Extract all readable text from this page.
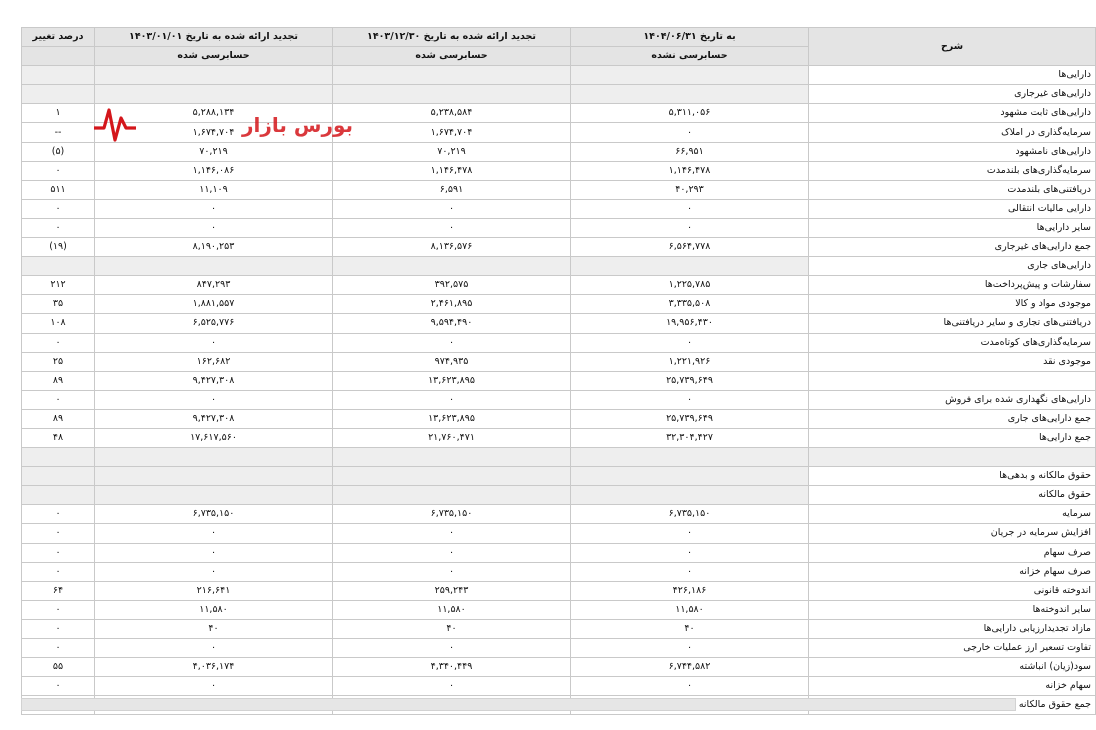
شرح	به تاریخ ۱۴۰۴/۰۶/۳۱	تجدید ارائه شده به تاریخ ۱۴۰۳/۱۲/۳۰	تجدید ارائه شده به تاریخ ۱۴۰۳/۰۱/۰۱	درصد تغییر
	حسابرسی نشده	حسابرسی شده	حسابرسی شده	
دارایی‌ها				
دارایی‌های غیرجاری				
دارایی‌های ثابت مشهود	۵,۳۱۱,۰۵۶	۵,۲۳۸,۵۸۴	۵,۲۸۸,۱۳۴	۱
سرمایه‌گذاری در املاک	۰	۱,۶۷۴,۷۰۴	۱,۶۷۴,۷۰۴	--
دارایی‌های نامشهود	۶۶,۹۵۱	۷۰,۲۱۹	۷۰,۲۱۹	(۵)
سرمایه‌گذاری‌های بلندمدت	۱,۱۴۶,۴۷۸	۱,۱۴۶,۴۷۸	۱,۱۴۶,۰۸۶	۰
دریافتنی‌های بلندمدت	۴۰,۲۹۳	۶,۵۹۱	۱۱,۱۰۹	۵۱۱
دارایی مالیات انتقالی	۰	۰	۰	۰
سایر دارایی‌ها	۰	۰	۰	۰
جمع دارایی‌های غیرجاری	۶,۵۶۴,۷۷۸	۸,۱۳۶,۵۷۶	۸,۱۹۰,۲۵۳	(۱۹)
دارایی‌های جاری				
سفارشات و پیش‌پرداخت‌ها	۱,۲۲۵,۷۸۵	۳۹۲,۵۷۵	۸۴۷,۲۹۳	۲۱۲
موجودی مواد و کالا	۳,۳۳۵,۵۰۸	۲,۴۶۱,۸۹۵	۱,۸۸۱,۵۵۷	۳۵
دریافتنی‌های تجاری و سایر دریافتنی‌ها	۱۹,۹۵۶,۴۳۰	۹,۵۹۴,۴۹۰	۶,۵۲۵,۷۷۶	۱۰۸
سرمایه‌گذاری‌های کوتاه‌مدت	۰	۰	۰	۰
موجودی نقد	۱,۲۲۱,۹۲۶	۹۷۴,۹۳۵	۱۶۲,۶۸۲	۲۵
	۲۵,۷۳۹,۶۴۹	۱۳,۶۲۳,۸۹۵	۹,۴۲۷,۳۰۸	۸۹
دارایی‌های نگهداری شده برای فروش	۰	۰	۰	۰
جمع دارایی‌های جاری	۲۵,۷۳۹,۶۴۹	۱۳,۶۲۳,۸۹۵	۹,۴۲۷,۳۰۸	۸۹
جمع دارایی‌ها	۳۲,۳۰۴,۴۲۷	۲۱,۷۶۰,۴۷۱	۱۷,۶۱۷,۵۶۰	۴۸

حقوق مالکانه و بدهی‌ها				
حقوق مالکانه				
سرمایه	۶,۷۳۵,۱۵۰	۶,۷۳۵,۱۵۰	۶,۷۳۵,۱۵۰	۰
افزایش سرمایه در جریان	۰	۰	۰	۰
صرف سهام	۰	۰	۰	۰
صرف سهام خزانه	۰	۰	۰	۰
اندوخته قانونی	۴۲۶,۱۸۶	۲۵۹,۲۴۳	۲۱۶,۶۴۱	۶۴
سایر اندوخته‌ها	۱۱,۵۸۰	۱۱,۵۸۰	۱۱,۵۸۰	۰
مازاد تجدیدارزیابی دارایی‌ها	۴۰	۴۰	۴۰	۰
تفاوت تسعیر ارز عملیات خارجی	۰	۰	۰	۰
سود(زیان) انباشته	۶,۷۴۴,۵۸۲	۴,۳۴۰,۴۴۹	۴,۰۳۶,۱۷۴	۵۵
سهام خزانه	۰	۰	۰	۰
جمع حقوق مالکانه				
بورس بازار
